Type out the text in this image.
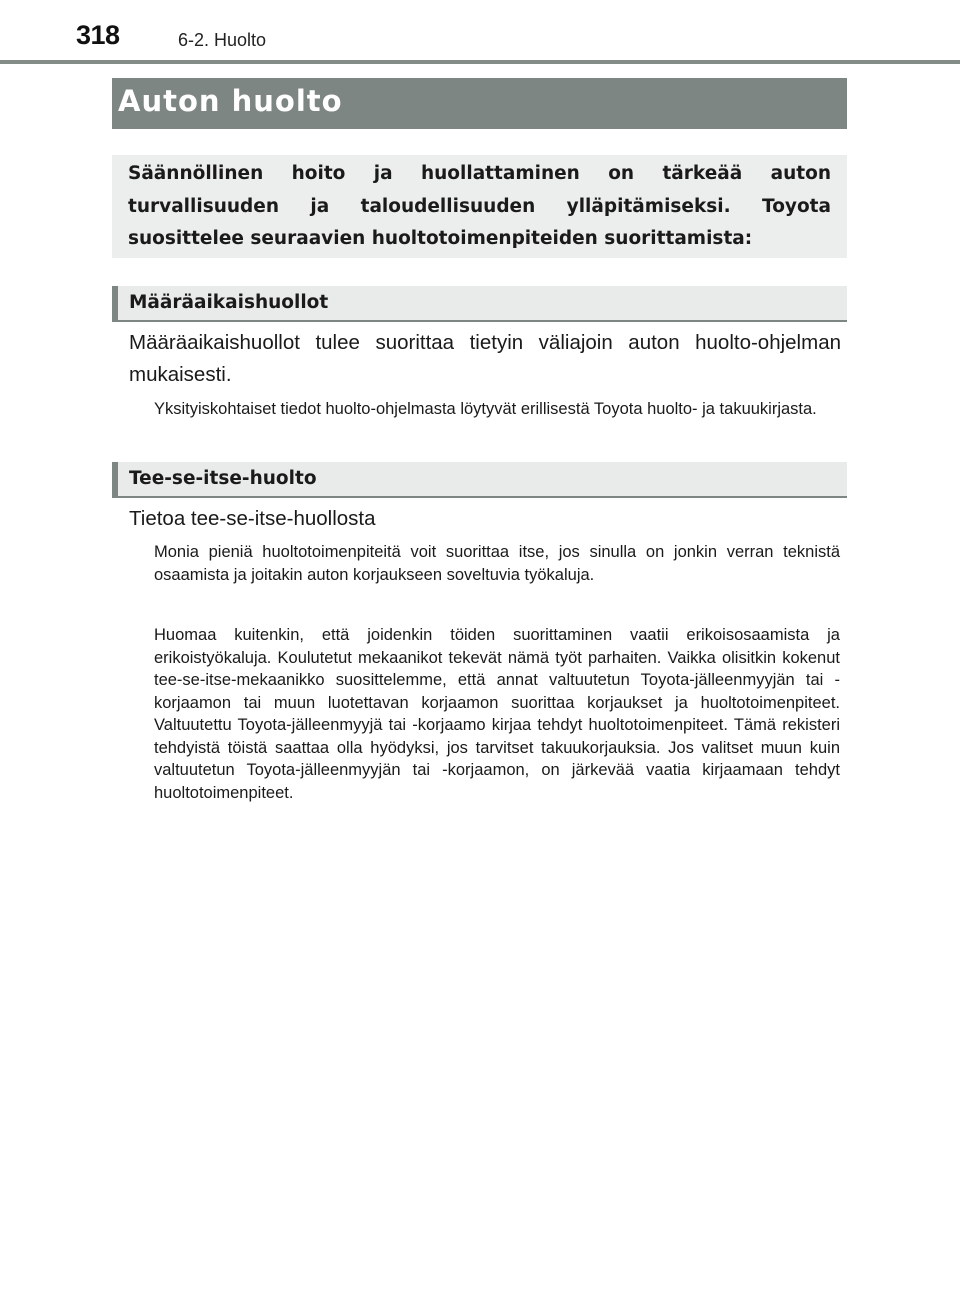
318	6-2. Huolto
Auton huolto
Säännöllinen hoito ja huollattaminen on tärkeää auton turvallisuuden ja taloudellisuuden ylläpitämiseksi. Toyota suosittelee seuraavien huoltotoimenpiteiden suorittamista:
Määräaikaishuollot
Määräaikaishuollot tulee suorittaa tietyin väliajoin auton huolto-ohjelman mukaisesti.
Yksityiskohtaiset tiedot huolto-ohjelmasta löytyvät erillisestä Toyota huolto- ja takuukirjasta.
Tee-se-itse-huolto
Tietoa tee-se-itse-huollosta
Monia pieniä huoltotoimenpiteitä voit suorittaa itse, jos sinulla on jonkin verran teknistä osaamista ja joitakin auton korjaukseen soveltuvia työkaluja.
Huomaa kuitenkin, että joidenkin töiden suorittaminen vaatii erikoisosaamista ja erikoistyökaluja. Koulutetut mekaanikot tekevät nämä työt parhaiten. Vaikka olisitkin kokenut tee-se-itse-mekaanikko suosittelemme, että annat valtuutetun Toyota-jälleenmyyjän tai -korjaamon tai muun luotettavan korjaamon suorittaa korjaukset ja huoltotoimenpiteet. Valtuutettu Toyota-jälleenmyyjä tai -korjaamo kirjaa tehdyt huoltotoimenpiteet. Tämä rekisteri tehdyistä töistä saattaa olla hyödyksi, jos tarvitset takuukorjauksia. Jos valitset muun kuin valtuutetun Toyota-jälleenmyyjän tai -korjaamon, on järkevää vaatia kirjaamaan tehdyt huoltotoimenpiteet.
